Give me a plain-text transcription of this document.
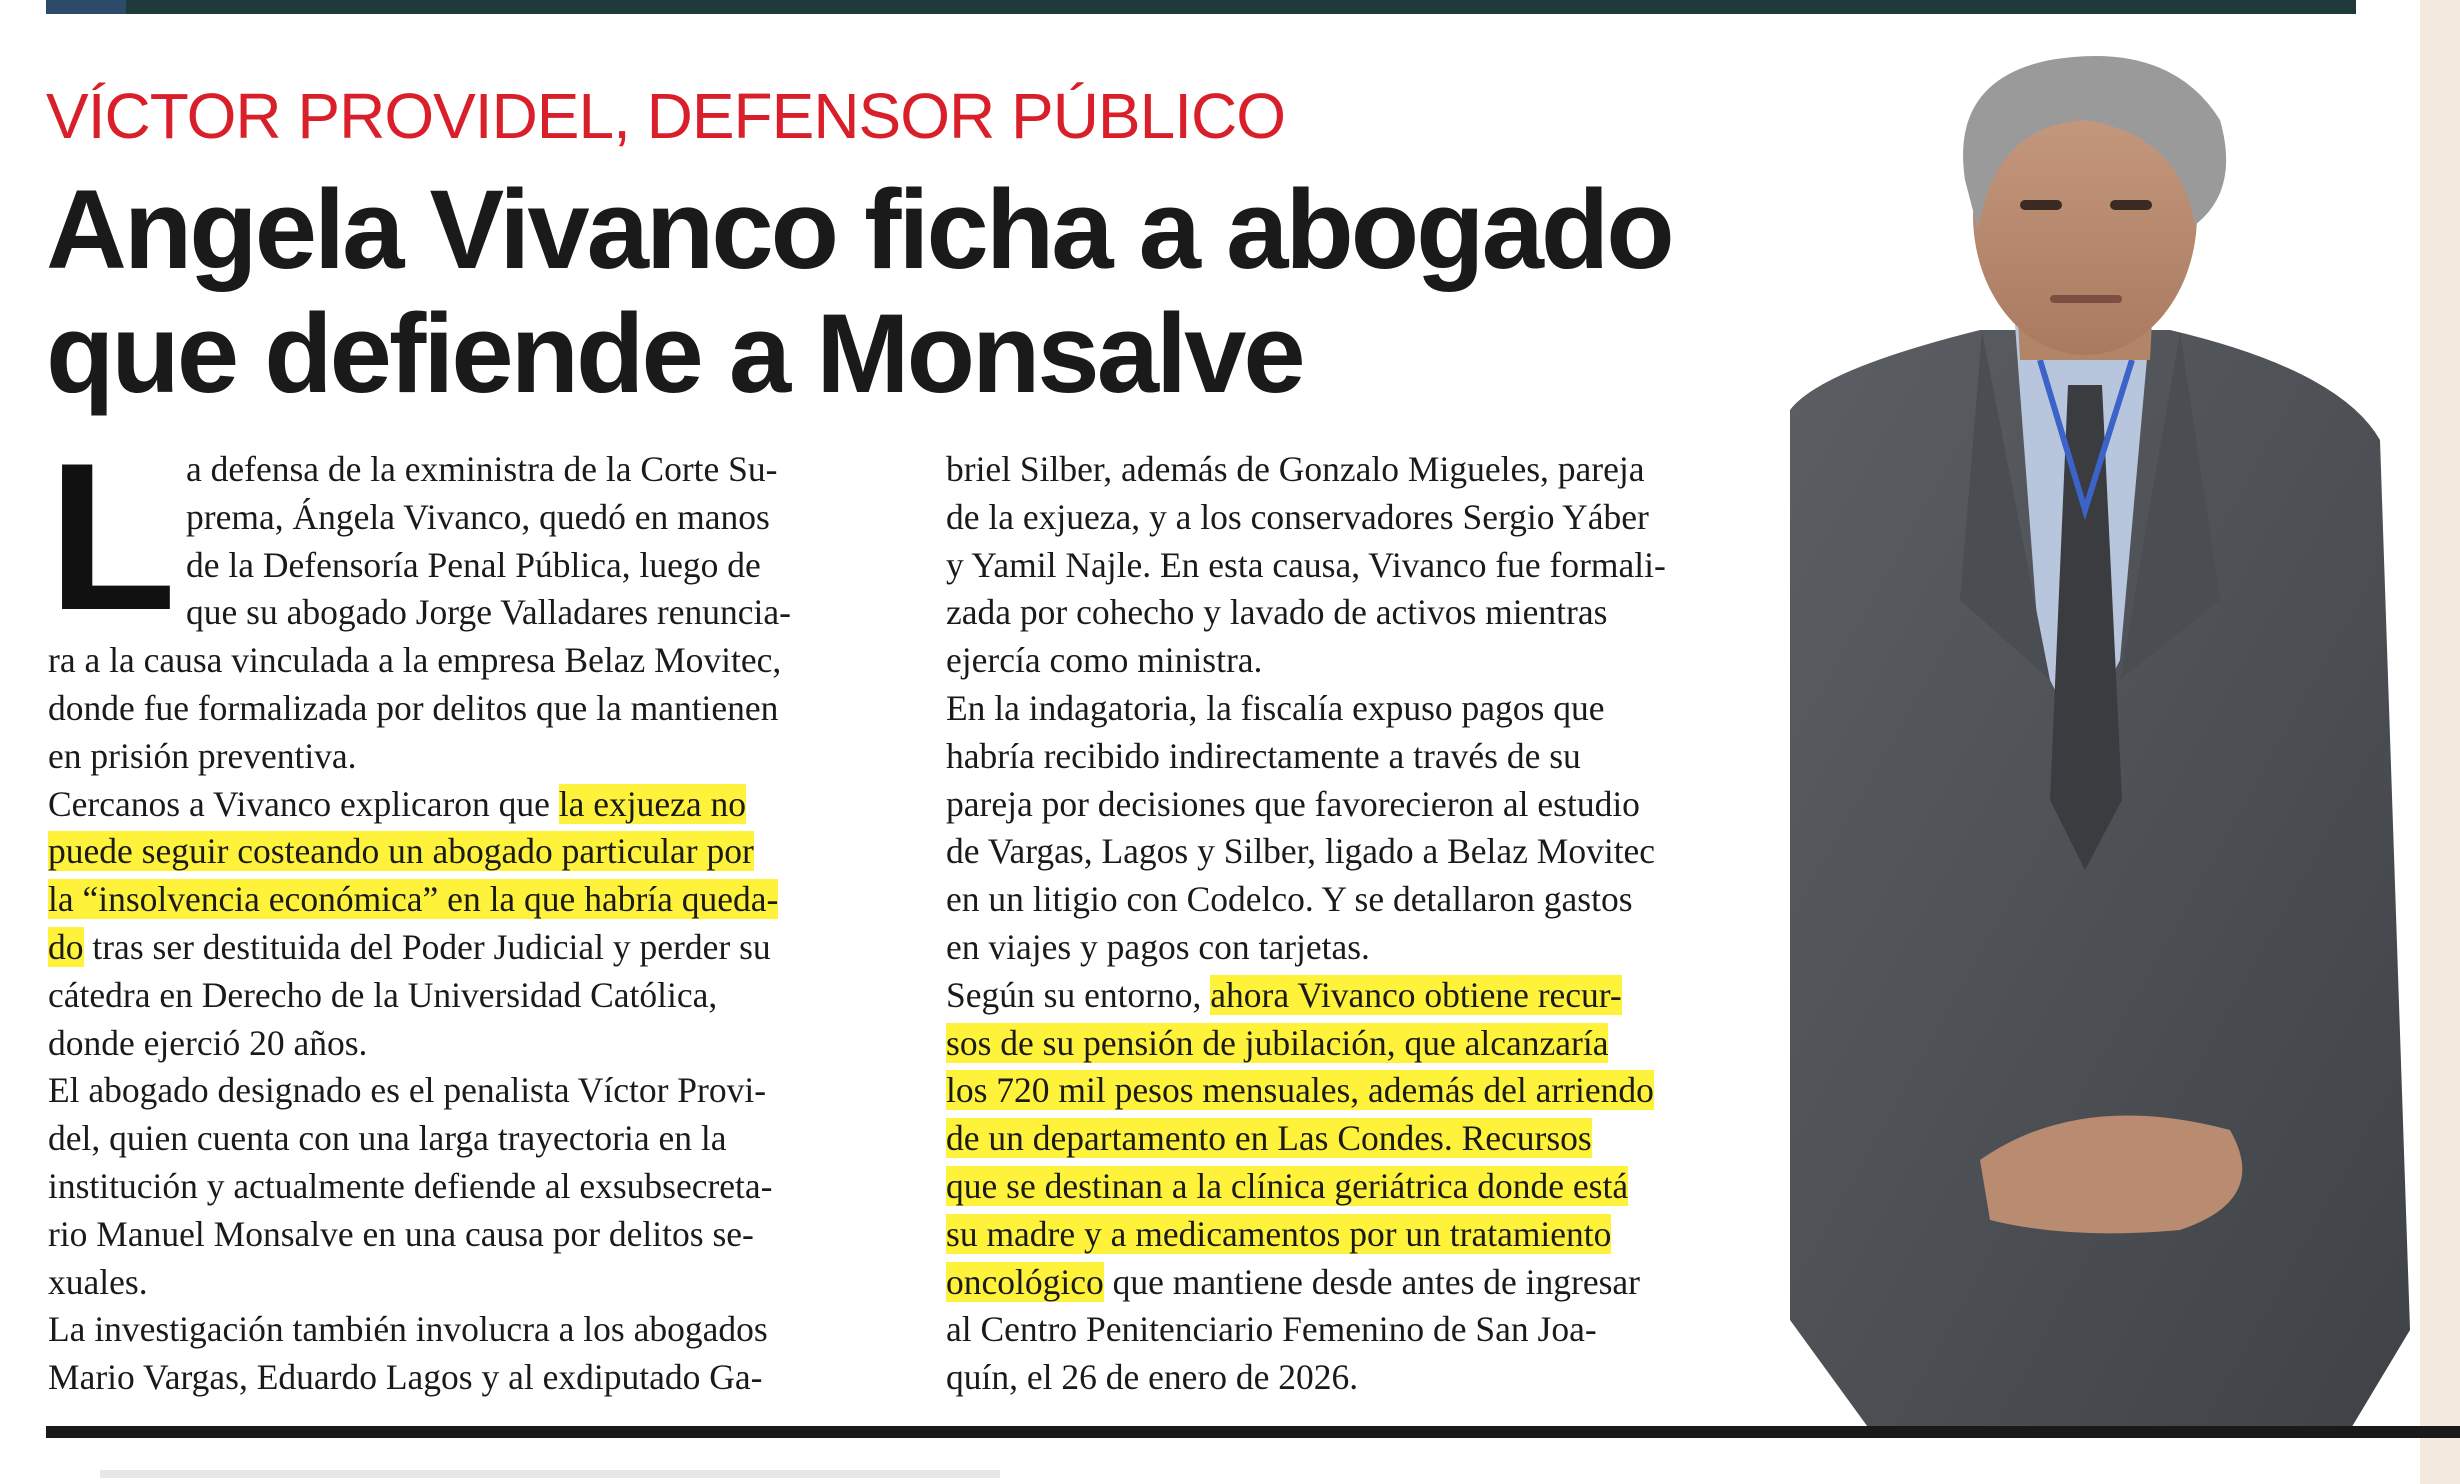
VÍCTOR PROVIDEL, DEFENSOR PÚBLICO
Angela Vivanco ficha a abogado
que defiende a Monsalve
L a defensa de la exministra de la Corte Su-
prema, Ángela Vivanco, quedó en manos
de la Defensoría Penal Pública, luego de
que su abogado Jorge Valladares renuncia-
ra a la causa vinculada a la empresa Belaz Movitec,
donde fue formalizada por delitos que la mantienen
en prisión preventiva.
Cercanos a Vivanco explicaron que la exjueza no
puede seguir costeando un abogado particular por
la “insolvencia económica” en la que habría queda-
do tras ser destituida del Poder Judicial y perder su
cátedra en Derecho de la Universidad Católica,
donde ejerció 20 años.
El abogado designado es el penalista Víctor Provi-
del, quien cuenta con una larga trayectoria en la
institución y actualmente defiende al exsubsecreta-
rio Manuel Monsalve en una causa por delitos se-
xuales.
La investigación también involucra a los abogados
Mario Vargas, Eduardo Lagos y al exdiputado Ga-
briel Silber, además de Gonzalo Migueles, pareja
de la exjueza, y a los conservadores Sergio Yáber
y Yamil Najle. En esta causa, Vivanco fue formali-
zada por cohecho y lavado de activos mientras
ejercía como ministra.
En la indagatoria, la fiscalía expuso pagos que
habría recibido indirectamente a través de su
pareja por decisiones que favorecieron al estudio
de Vargas, Lagos y Silber, ligado a Belaz Movitec
en un litigio con Codelco. Y se detallaron gastos
en viajes y pagos con tarjetas.
Según su entorno, ahora Vivanco obtiene recur-
sos de su pensión de jubilación, que alcanzaría
los 720 mil pesos mensuales, además del arriendo
de un departamento en Las Condes. Recursos
que se destinan a la clínica geriátrica donde está
su madre y a medicamentos por un tratamiento
oncológico que mantiene desde antes de ingresar
al Centro Penitenciario Femenino de San Joa-
quín, el 26 de enero de 2026.
